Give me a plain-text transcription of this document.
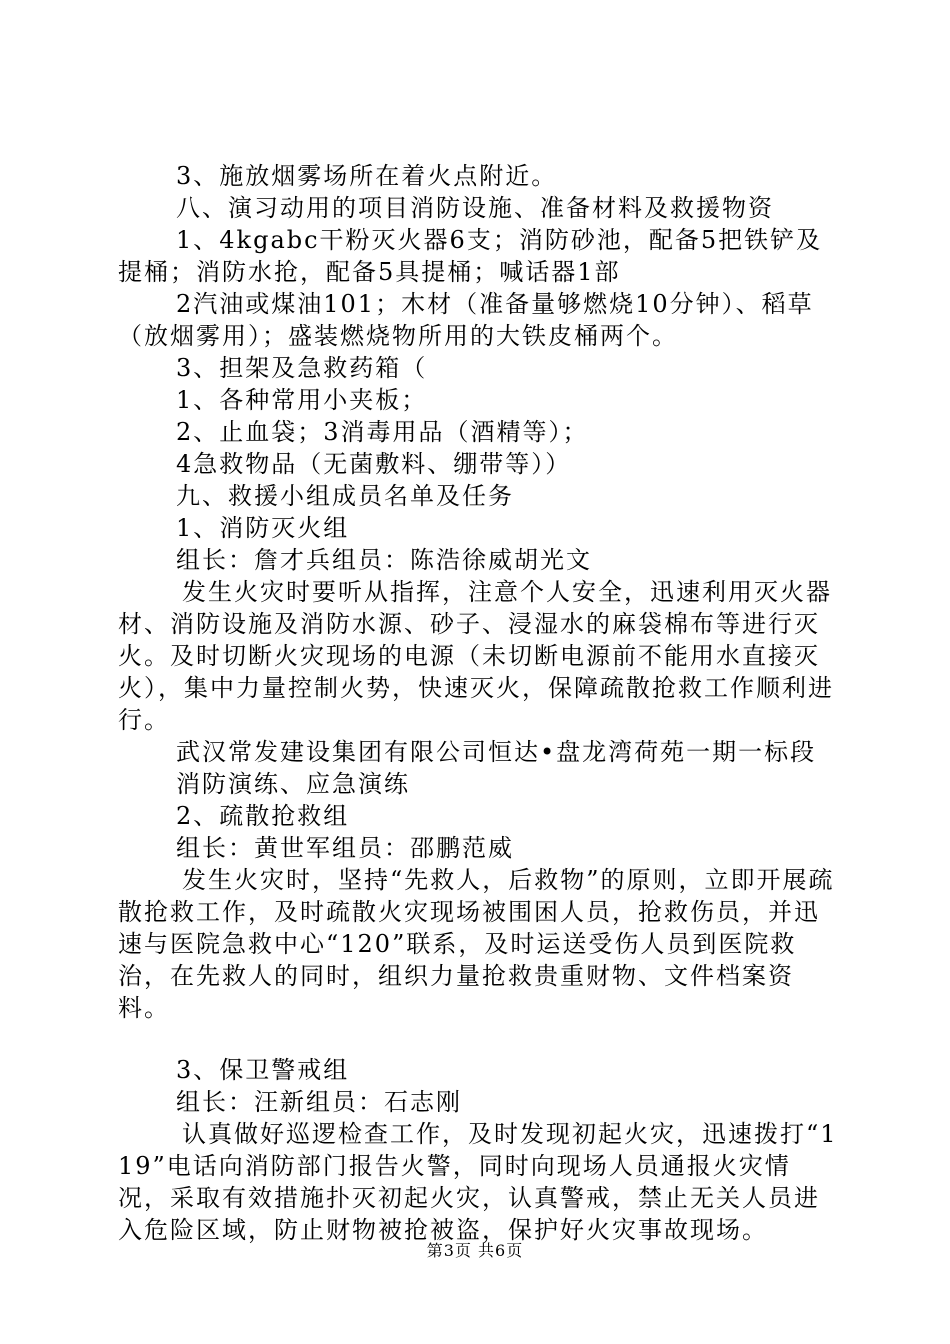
3、施放烟雾场所在着火点附近。

八、演习动用的项目消防设施、准备材料及救援物资

1、4kgabc干粉灭火器6支；消防砂池，配备5把铁铲及提桶；消防水抢，配备5具提桶；喊话器1部

2汽油或煤油101；木材（准备量够燃烧10分钟）、稻草（放烟雾用）；盛装燃烧物所用的大铁皮桶两个。

3、担架及急救药箱（

1、各种常用小夹板；

2、止血袋；3消毒用品（酒精等）；

4急救物品（无菌敷料、绷带等））

九、救援小组成员名单及任务

1、消防灭火组

组长：詹才兵组员：陈浩徐威胡光文

发生火灾时要听从指挥，注意个人安全，迅速利用灭火器材、消防设施及消防水源、砂子、浸湿水的麻袋棉布等进行灭火。及时切断火灾现场的电源（未切断电源前不能用水直接灭火），集中力量控制火势，快速灭火，保障疏散抢救工作顺利进行。

武汉常发建设集团有限公司恒达•盘龙湾荷苑一期一标段

消防演练、应急演练

2、疏散抢救组

组长：黄世军组员：邵鹏范威

发生火灾时，坚持“先救人，后救物”的原则，立即开展疏散抢救工作，及时疏散火灾现场被围困人员，抢救伤员，并迅速与医院急救中心“120”联系，及时运送受伤人员到医院救治，在先救人的同时，组织力量抢救贵重财物、文件档案资料。

3、保卫警戒组

组长：汪新组员：石志刚

认真做好巡逻检查工作，及时发现初起火灾，迅速拨打“119”电话向消防部门报告火警，同时向现场人员通报火灾情况，采取有效措施扑灭初起火灾，认真警戒，禁止无关人员进入危险区域，防止财物被抢被盗，保护好火灾事故现场。

第3页 共6页
